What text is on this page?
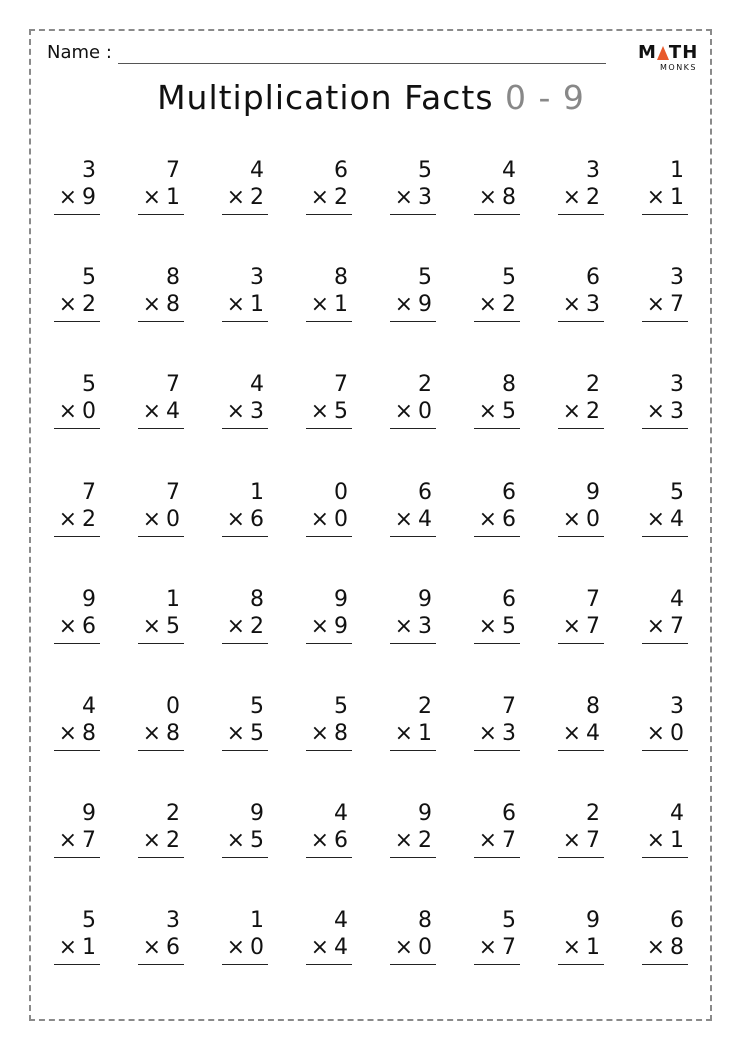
Name :	M TH
MONKS
Multiplication Facts 0 - 9
3
× 9
7
× 1
4
× 2
6
× 2
5
× 3
4
× 8
3
× 2
1
× 1
5
× 2
8
× 8
3
× 1
8
× 1
5
× 9
5
× 2
6
× 3
3
× 7
5
× 0
7
× 4
4
× 3
7
× 5
2
× 0
8
× 5
2
× 2
3
× 3
7
× 2
7
× 0
1
× 6
0
× 0
6
× 4
6
× 6
9
× 0
5
× 4
9
× 6
1
× 5
8
× 2
9
× 9
9
× 3
6
× 5
7
× 7
4
× 7
4
× 8
0
× 8
5
× 5
5
× 8
2
× 1
7
× 3
8
× 4
3
× 0
9
× 7
2
× 2
9
× 5
4
× 6
9
× 2
6
× 7
2
× 7
4
× 1
5
× 1
3
× 6
1
× 0
4
× 4
8
× 0
5
× 7
9
× 1
6
× 8
